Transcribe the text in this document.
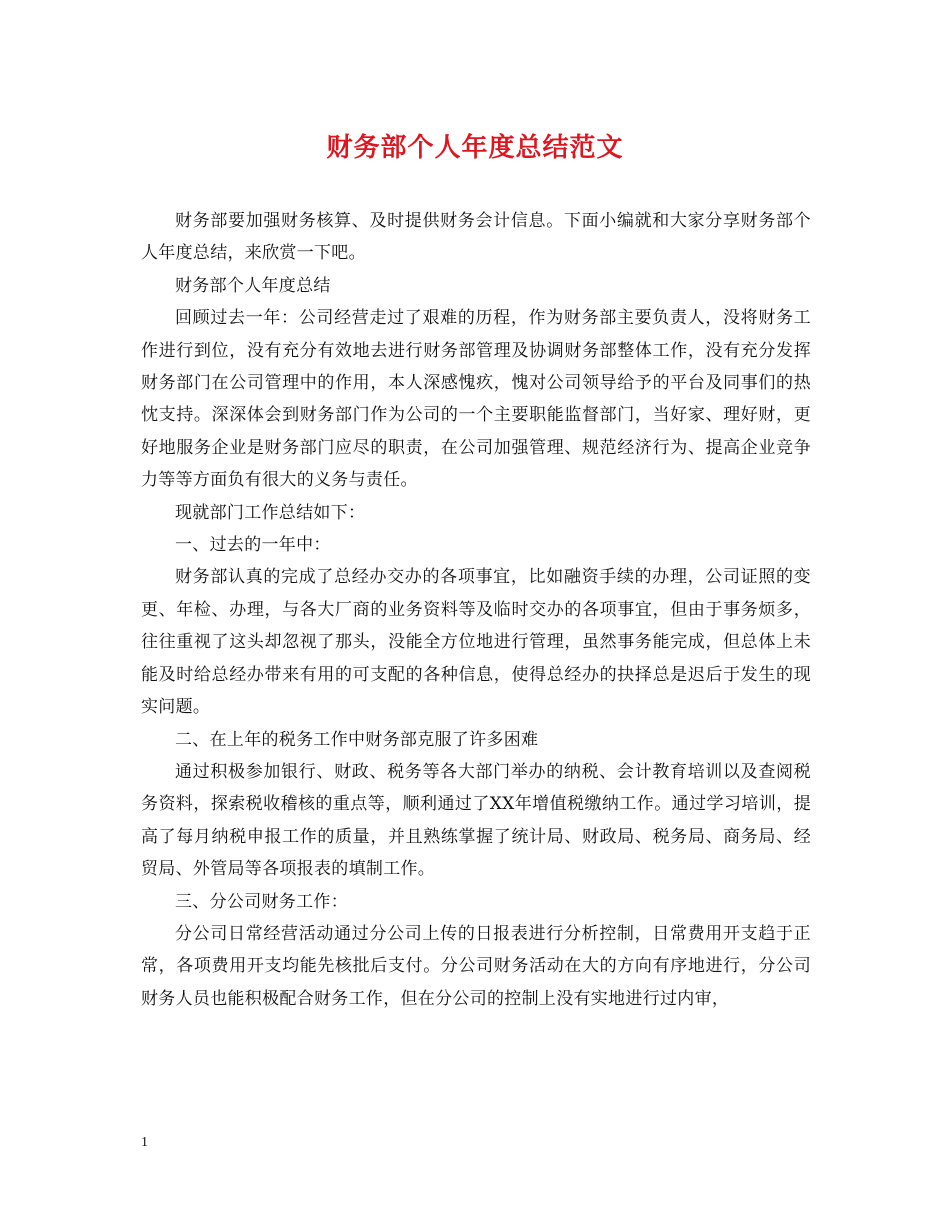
财务部个人年度总结范文

财务部要加强财务核算、及时提供财务会计信息。下面小编就和大家分享财务部个人年度总结，来欣赏一下吧。

财务部个人年度总结

回顾过去一年：公司经营走过了艰难的历程，作为财务部主要负责人，没将财务工作进行到位，没有充分有效地去进行财务部管理及协调财务部整体工作，没有充分发挥财务部门在公司管理中的作用，本人深感愧疚，愧对公司领导给予的平台及同事们的热忱支持。深深体会到财务部门作为公司的一个主要职能监督部门，当好家、理好财，更好地服务企业是财务部门应尽的职责，在公司加强管理、规范经济行为、提高企业竞争力等等方面负有很大的义务与责任。

现就部门工作总结如下：

一、过去的一年中：

财务部认真的完成了总经办交办的各项事宜，比如融资手续的办理，公司证照的变更、年检、办理，与各大厂商的业务资料等及临时交办的各项事宜，但由于事务烦多，往往重视了这头却忽视了那头，没能全方位地进行管理，虽然事务能完成，但总体上未能及时给总经办带来有用的可支配的各种信息，使得总经办的抉择总是迟后于发生的现实问题。

二、在上年的税务工作中财务部克服了许多困难

通过积极参加银行、财政、税务等各大部门举办的纳税、会计教育培训以及查阅税务资料，探索税收稽核的重点等，顺利通过了XX年增值税缴纳工作。通过学习培训，提高了每月纳税申报工作的质量，并且熟练掌握了统计局、财政局、税务局、商务局、经贸局、外管局等各项报表的填制工作。

三、分公司财务工作：

分公司日常经营活动通过分公司上传的日报表进行分析控制，日常费用开支趋于正常，各项费用开支均能先核批后支付。分公司财务活动在大的方向有序地进行，分公司财务人员也能积极配合财务工作，但在分公司的控制上没有实地进行过内审，

1
